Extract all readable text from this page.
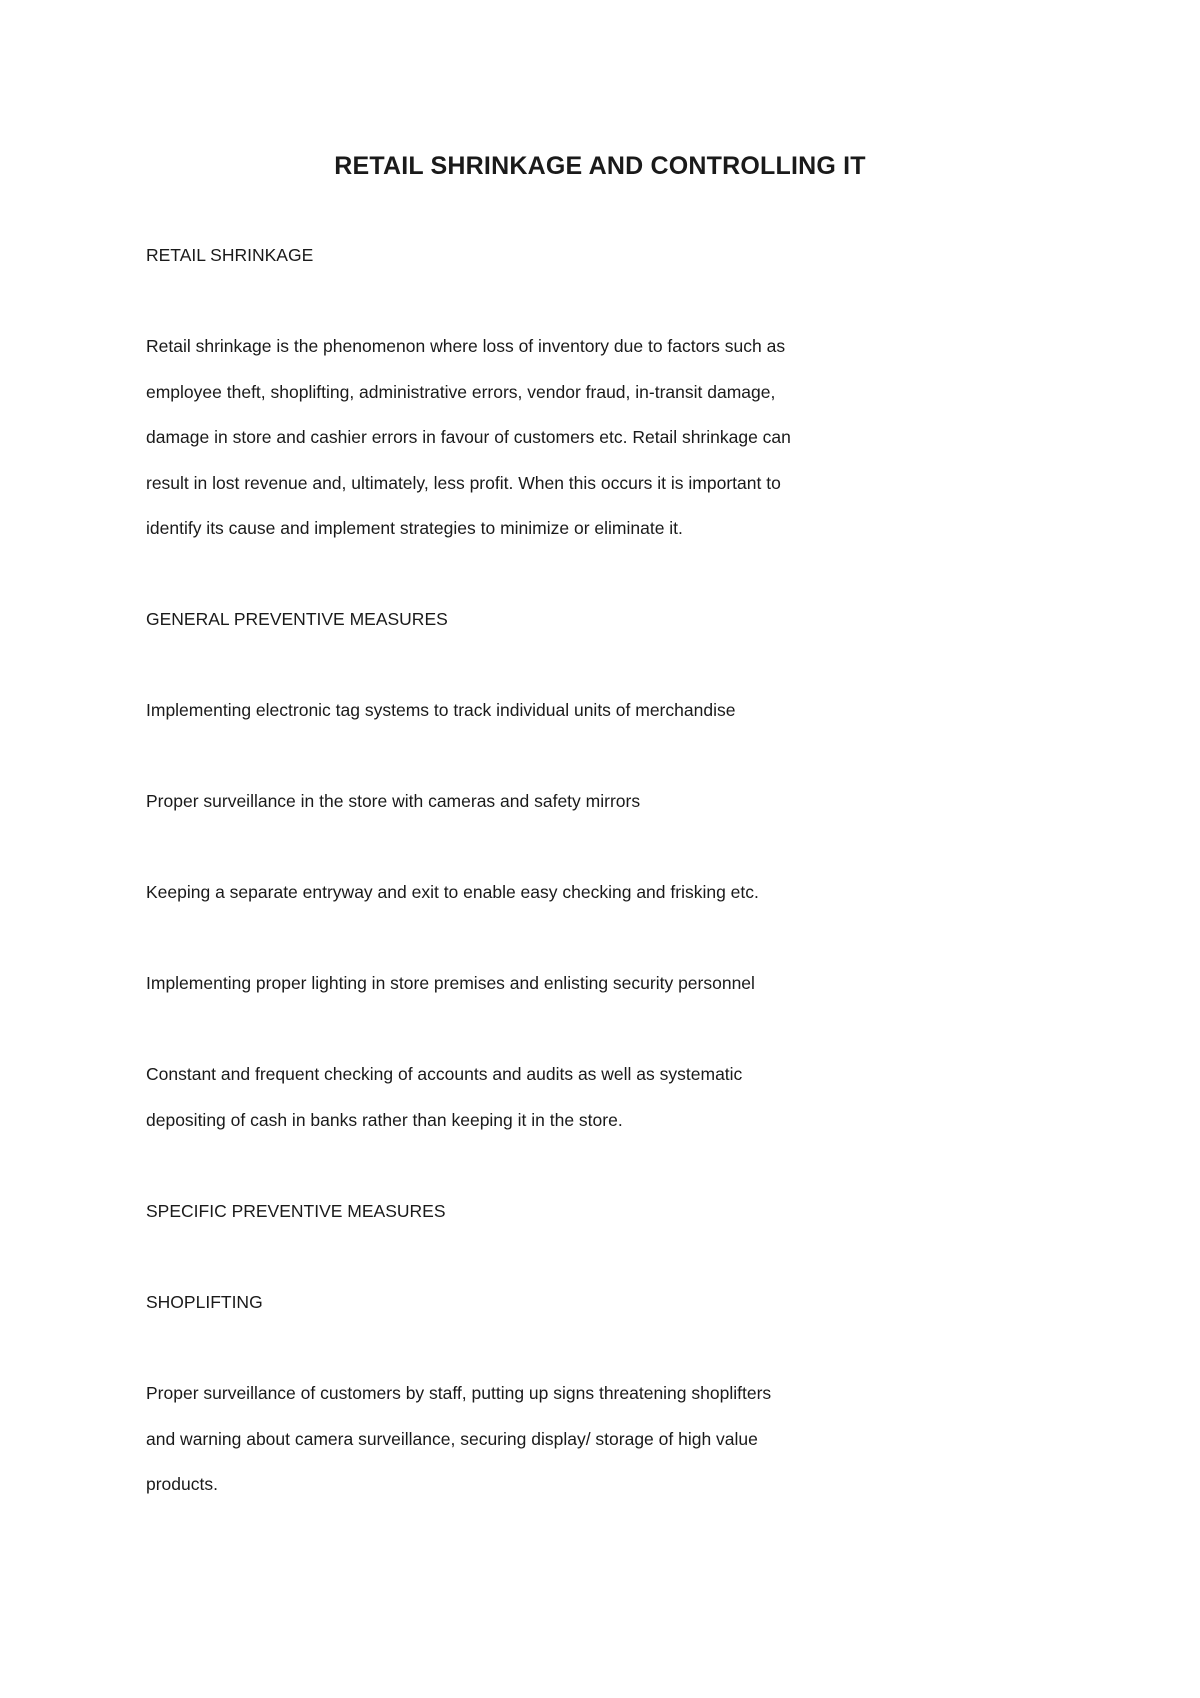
RETAIL SHRINKAGE AND CONTROLLING IT
RETAIL SHRINKAGE
Retail shrinkage is the phenomenon where loss of inventory due to factors such as
employee theft, shoplifting, administrative errors, vendor fraud, in-transit damage,
damage in store and cashier errors in favour of customers etc. Retail shrinkage can
result in lost revenue and, ultimately, less profit. When this occurs it is important to
identify its cause and implement strategies to minimize or eliminate it.
GENERAL PREVENTIVE MEASURES
Implementing electronic tag systems to track individual units of merchandise
Proper surveillance in the store with cameras and safety mirrors
Keeping a separate entryway and exit to enable easy checking and frisking etc.
Implementing proper lighting in store premises and enlisting security personnel
Constant and frequent checking of accounts and audits as well as systematic
depositing of cash in banks rather than keeping it in the store.
SPECIFIC PREVENTIVE MEASURES
SHOPLIFTING
Proper surveillance of customers by staff, putting up signs threatening shoplifters
and warning about camera surveillance, securing display/ storage of high value
products.
